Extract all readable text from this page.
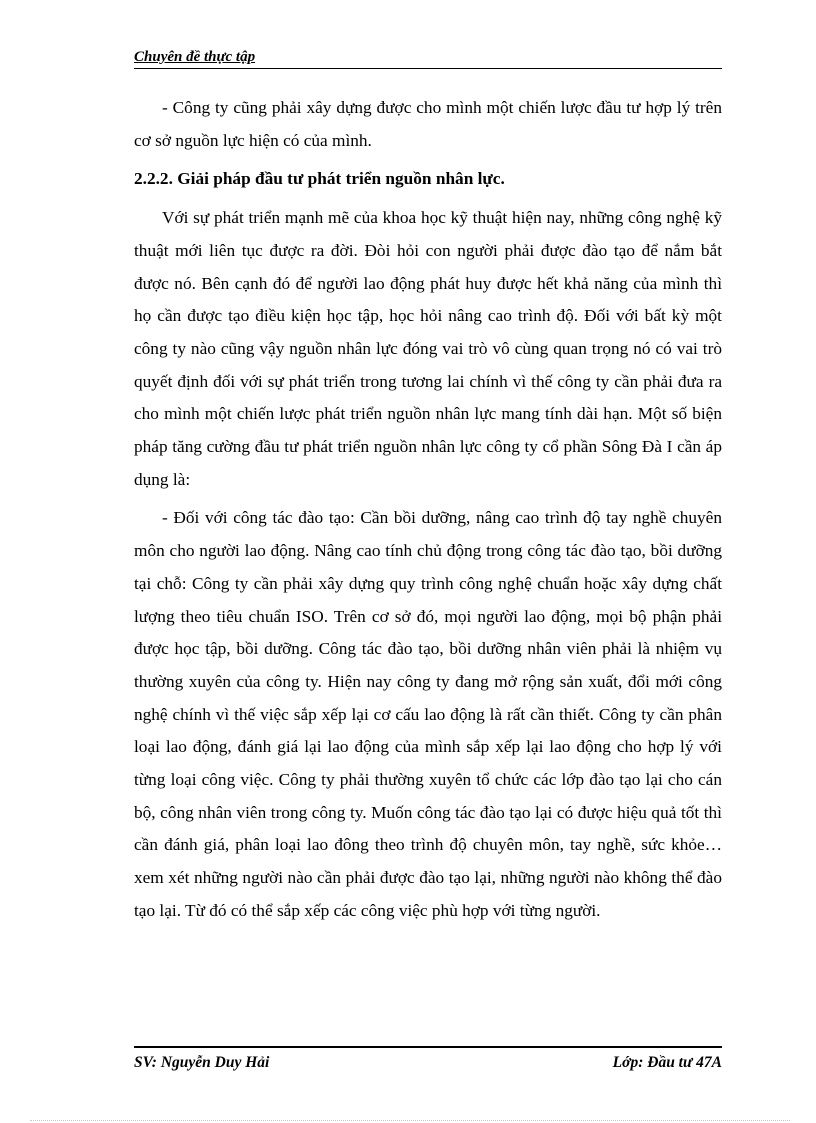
Chuyên đề thực tập

- Công ty cũng phải xây dựng được cho mình một chiến lược đầu tư hợp lý trên cơ sở nguồn lực hiện có của mình.

2.2.2. Giải pháp đầu tư phát triển nguồn nhân lực.

Với sự phát triển mạnh mẽ của khoa học kỹ thuật hiện nay, những công nghệ kỹ thuật mới liên tục được ra đời. Đòi hỏi con người phải được đào tạo để nắm bắt được nó. Bên cạnh đó để người lao động phát huy được hết khả năng của mình thì họ cần được tạo điều kiện học tập, học hỏi nâng cao trình độ. Đối với bất kỳ một công ty nào cũng vậy nguồn nhân lực đóng vai trò vô cùng quan trọng nó có vai trò quyết định đối với sự phát triển trong tương lai chính vì thế công ty cần phải đưa ra cho mình một chiến lược phát triển nguồn nhân lực mang tính dài hạn. Một số biện pháp tăng cường đầu tư phát triển nguồn nhân lực công ty cổ phần Sông Đà I cần áp dụng là:

- Đối với công tác đào tạo: Cần bồi dưỡng, nâng cao trình độ tay nghề chuyên môn cho người lao động. Nâng cao tính chủ động trong công tác đào tạo, bồi dưỡng tại chỗ: Công ty cần phải xây dựng quy trình công nghệ chuẩn hoặc xây dựng chất lượng theo tiêu chuẩn ISO. Trên cơ sở đó, mọi người lao động, mọi bộ phận phải được học tập, bồi dưỡng. Công tác đào tạo, bồi dưỡng nhân viên phải là nhiệm vụ thường xuyên của công ty. Hiện nay công ty đang mở rộng sản xuất, đổi mới công nghệ chính vì thế việc sắp xếp lại cơ cấu lao động là rất cần thiết. Công ty cần phân loại lao động, đánh giá lại lao động của mình sắp xếp lại lao động cho hợp lý với từng loại công việc. Công ty phải thường xuyên tổ chức các lớp đào tạo lại cho cán bộ, công nhân viên trong công ty. Muốn công tác đào tạo lại có được hiệu quả tốt thì cần đánh giá, phân loại lao đông theo trình độ chuyên môn, tay nghề, sức khỏe…xem xét những người nào cần phải được đào tạo lại, những người nào không thể đào tạo lại. Từ đó có thể sắp xếp các công việc phù hợp với từng người.

SV: Nguyễn Duy Hải	Lớp: Đầu tư 47A
